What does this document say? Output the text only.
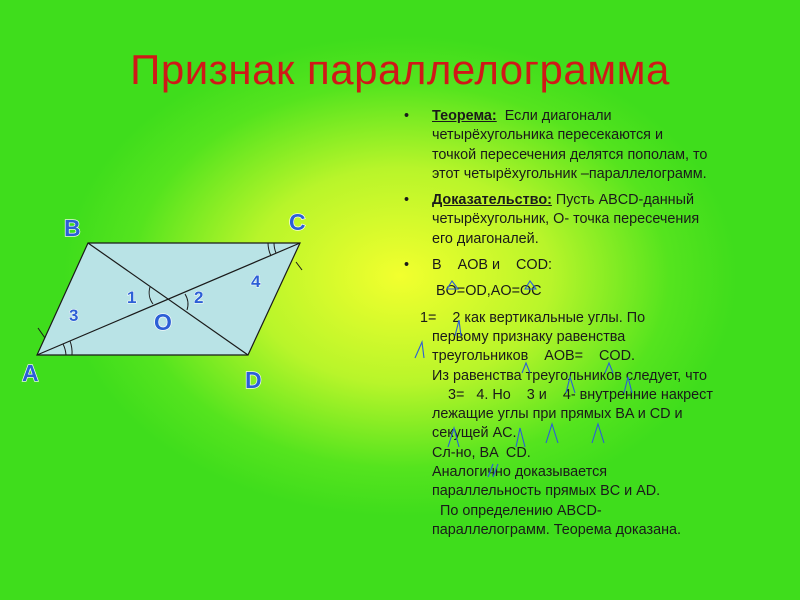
Признак параллелограмма
B	C
A	D
O
1	2
3
4
• Теорема:  Если диагонали
четырёхугольника пересекаются и
точкой пересечения делятся пополам, то
этот четырёхугольник –параллелограмм.
• Доказательство: Пусть ABCD-данный
четырёхугольник, О- точка пересечения
его диагоналей.
• В    AOB и    COD:
BO=OD,AO=OC
1=    2 как вертикальные углы. По
первому признаку равенства
треугольников    AOB=    COD.
Из равенства треугольников следует, что
3=   4. Но    3 и    4- внутренние накрест
лежащие углы при прямых BA и CD и
секущей AC.
Сл-но, BA  CD.
Аналогично доказывается
параллельность прямых BC и AD.
По определению ABCD-
параллелограмм. Теорема доказана.
